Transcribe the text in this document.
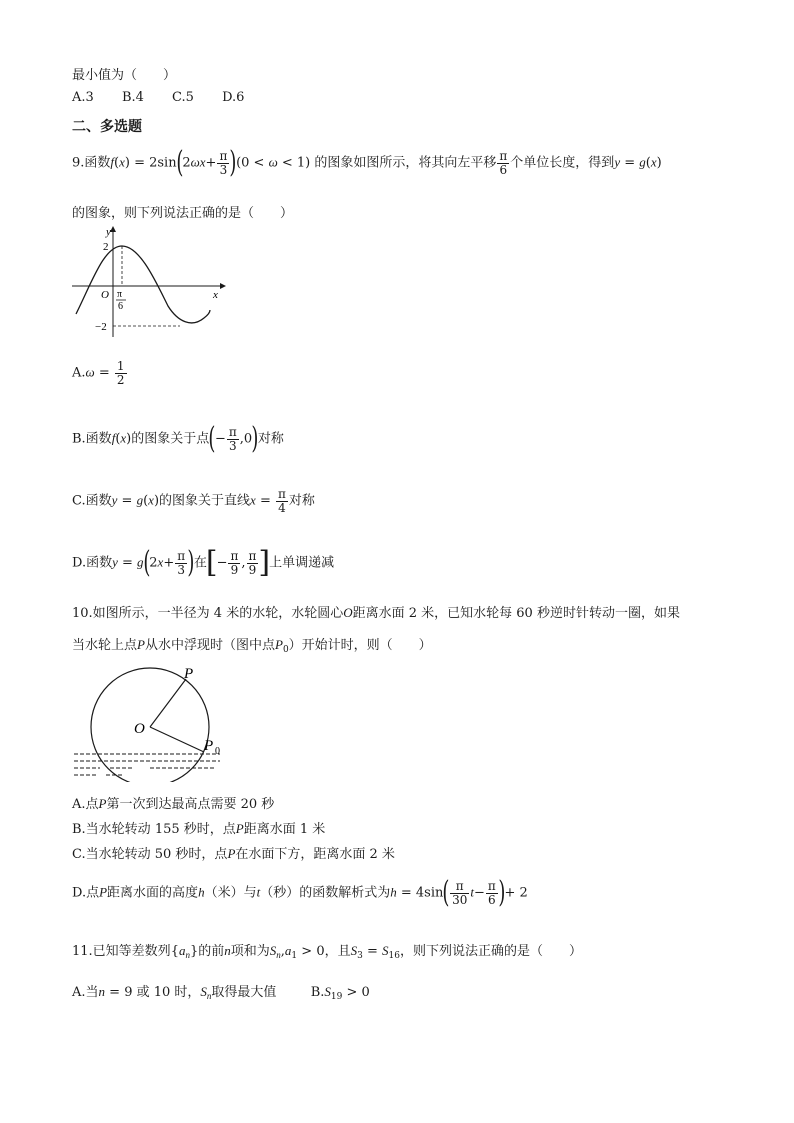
最小值为（　　）
A.3 B.4 C.5 D.6
二、多选题
9.函数$f(x) = 2\sin(2\omega x+ \frac{\pi}{3} )(0 < \omega < 1)$ 的图象如图所示，将其向左平移 $\frac{\pi}{6}$ 个单位长度，得到y = g(x)
的图象，则下列说法正确的是（　　）
y
x
O
2
−2
π
6
$A.\omega = \frac{1}{2}$
B.函数f(x)的图象关于点(− $\frac{\pi}{3} ,0$)对称
C.函数y = g(x)的图象关于直线$x = \frac{\pi}{4}$ 对称
D.函数$y = g(2x+ \frac{\pi}{3}$ )在[− $\frac{\pi}{9}$ , $\frac{\pi}{9}$ ]上单调递减
10.如图所示，一半径为 4 米的水轮，水轮圆心O距离水面 2 米，已知水轮每 60 秒逆时针转动一圈，如果
当水轮上点P从水中浮现时（图中点$P_0$）开始计时，则（　　）
P
O
P 0
A.点P第一次到达最高点需要 20 秒
B.当水轮转动 155 秒时，点P距离水面 1 米
C.当水轮转动 50 秒时，点P在水面下方，距离水面 2 米
D.点P距离水面的高度h（米）与t（秒）的函数解析式为$h = 4\sin( \frac{\pi}{30} t- \frac{\pi}{6}$ )+ 2
11.已知等差数列$\{a_n\}$的前n项和为$S_n,a_1 > 0$，且$S_3 = S_{16}$，则下列说法正确的是（　　）
A.当n = 9 或 10 时，$S_n$取得最大值	$B.S_{19} > 0$
